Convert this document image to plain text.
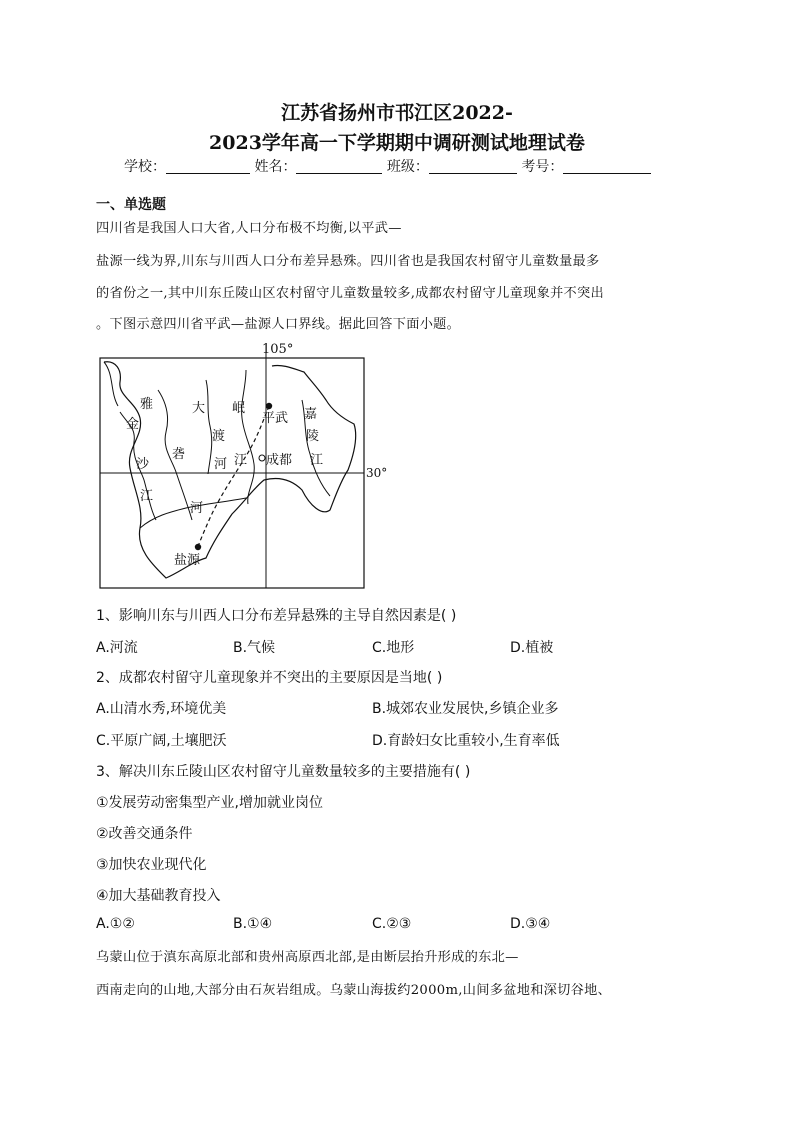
江苏省扬州市邗江区2022-
2023学年高一下学期期中调研测试地理试卷
学校：	姓名：	班级：	考号：
一、单选题
四川省是我国人口大省,人口分布极不均衡,以平武—
盐源一线为界,川东与川西人口分布差异悬殊。四川省也是我国农村留守儿童数量最多
的省份之一,其中川东丘陵山区农村留守儿童数量较多,成都农村留守儿童现象并不突出
。下图示意四川省平武—盐源人口界线。据此回答下面小题。
105°
30°
雅
金
砻
沙
江
河
大
渡
河
岷
江
嘉
陵
江
平武
成都
盐源
1、影响川东与川西人口分布差异悬殊的主导自然因素是( )
A.河流	B.气候	C.地形	D.植被
2、成都农村留守儿童现象并不突出的主要原因是当地( )
A.山清水秀,环境优美	B.城郊农业发展快,乡镇企业多
C.平原广阔,土壤肥沃	D.育龄妇女比重较小,生育率低
3、解决川东丘陵山区农村留守儿童数量较多的主要措施有( )
①发展劳动密集型产业,增加就业岗位
②改善交通条件
③加快农业现代化
④加大基础教育投入
A.①②	B.①④	C.②③	D.③④
乌蒙山位于滇东高原北部和贵州高原西北部,是由断层抬升形成的东北—
西南走向的山地,大部分由石灰岩组成。乌蒙山海拔约2000m,山间多盆地和深切谷地、
